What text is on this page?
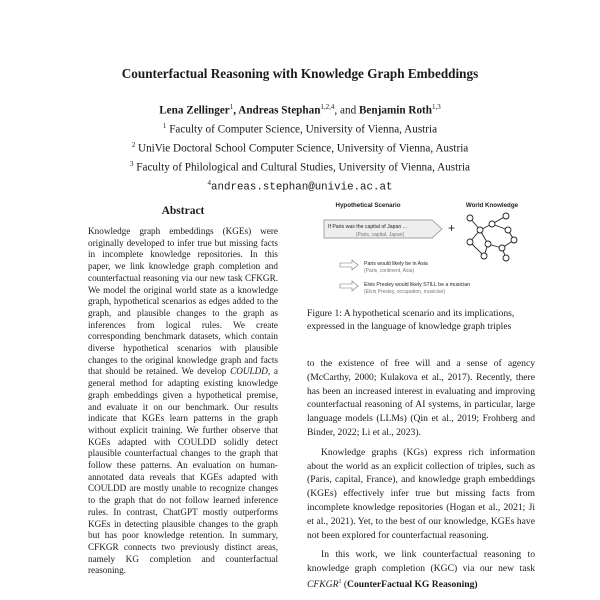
Counterfactual Reasoning with Knowledge Graph Embeddings
Lena Zellinger$^1$, Andreas Stephan$^{1,2,4}$, and Benjamin Roth$^{1,3}$
$^1$ Faculty of Computer Science, University of Vienna, Austria
$^2$ UniVie Doctoral School Computer Science, University of Vienna, Austria
$^3$ Faculty of Philological and Cultural Studies, University of Vienna, Austria
$^4$andreas.stephan@univie.ac.at
Abstract
Knowledge graph embeddings (KGEs) were originally developed to infer true but missing facts in incomplete knowledge repositories. In this paper, we link knowledge graph completion and counterfactual reasoning via our new task CFKGR. We model the original world state as a knowledge graph, hypothetical scenarios as edges added to the graph, and plausible changes to the graph as inferences from logical rules. We create corresponding benchmark datasets, which contain diverse hypothetical scenarios with plausible changes to the original knowledge graph and facts that should be retained. We develop COULDD, a general method for adapting existing knowledge graph embeddings given a hypothetical premise, and evaluate it on our benchmark. Our results indicate that KGEs learn patterns in the graph without explicit training. We further observe that KGEs adapted with COULDD solidly detect plausible counterfactual changes to the graph that follow these patterns. An evaluation on human-annotated data reveals that KGEs adapted with COULDD are mostly unable to recognize changes to the graph that do not follow learned inference rules. In contrast, ChatGPT mostly outperforms KGEs in detecting plausible changes to the graph but has poor knowledge retention. In summary, CFKGR connects two previously distinct areas, namely KG completion and counterfactual reasoning.
Hypothetical Scenario	World Knowledge
If Paris was the capital of Japan ...
(Paris, capital, Japan)	+
Paris would likely be in Asia
(Paris, continent, Asia)
Elvis Presley would likely STILL be a musician
(Elvis Presley, occupation, musician)
Figure 1: A hypothetical scenario and its implications, expressed in the language of knowledge graph triples

to the existence of free will and a sense of agency (McCarthy, 2000; Kulakova et al., 2017). Recently, there has been an increased interest in evaluating and improving counterfactual reasoning of AI systems, in particular, large language models (LLMs) (Qin et al., 2019; Frohberg and Binder, 2022; Li et al., 2023).

Knowledge graphs (KGs) express rich information about the world as an explicit collection of triples, such as (Paris, capital, France), and knowledge graph embeddings (KGEs) effectively infer true but missing facts from incomplete knowledge repositories (Hogan et al., 2021; Ji et al., 2021). Yet, to the best of our knowledge, KGEs have not been explored for counterfactual reasoning.

In this work, we link counterfactual reasoning to knowledge graph completion (KGC) via our new task CFKGR$^1$ (CounterFactual KG Reasoning)
